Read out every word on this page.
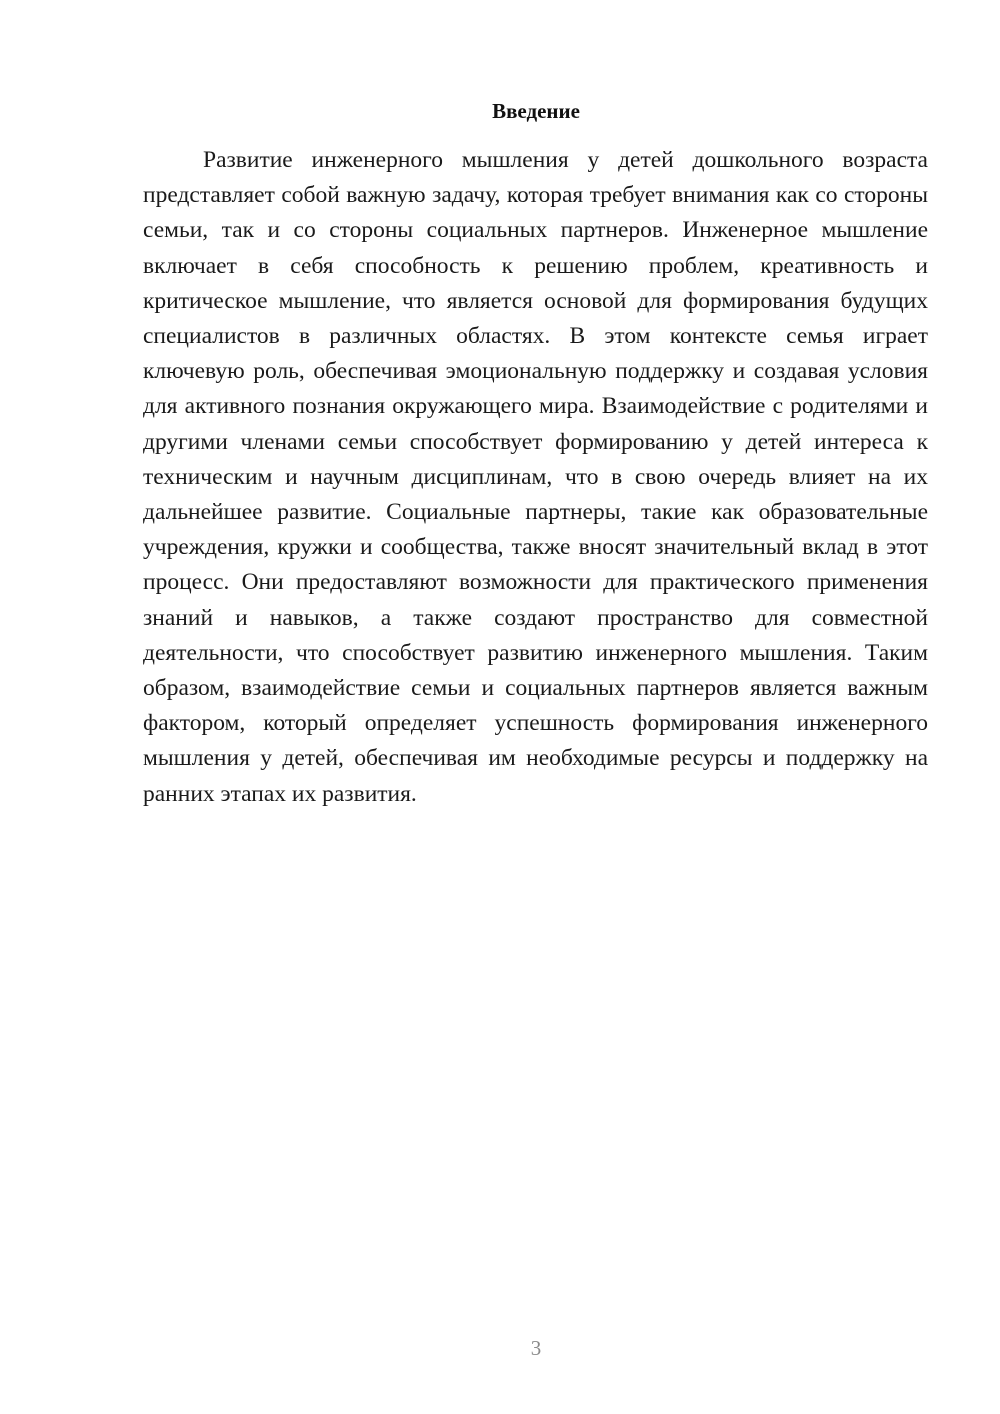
Введение

Развитие инженерного мышления у детей дошкольного возраста представляет собой важную задачу, которая требует внимания как со стороны семьи, так и со стороны социальных партнеров. Инженерное мышление включает в себя способность к решению проблем, креативность и критическое мышление, что является основой для формирования будущих специалистов в различных областях. В этом контексте семья играет ключевую роль, обеспечивая эмоциональную поддержку и создавая условия для активного познания окружающего мира. Взаимодействие с родителями и другими членами семьи способствует формированию у детей интереса к техническим и научным дисциплинам, что в свою очередь влияет на их дальнейшее развитие. Социальные партнеры, такие как образовательные учреждения, кружки и сообщества, также вносят значительный вклад в этот процесс. Они предоставляют возможности для практического применения знаний и навыков, а также создают пространство для совместной деятельности, что способствует развитию инженерного мышления. Таким образом, взаимодействие семьи и социальных партнеров является важным фактором, который определяет успешность формирования инженерного мышления у детей, обеспечивая им необходимые ресурсы и поддержку на ранних этапах их развития.

3
